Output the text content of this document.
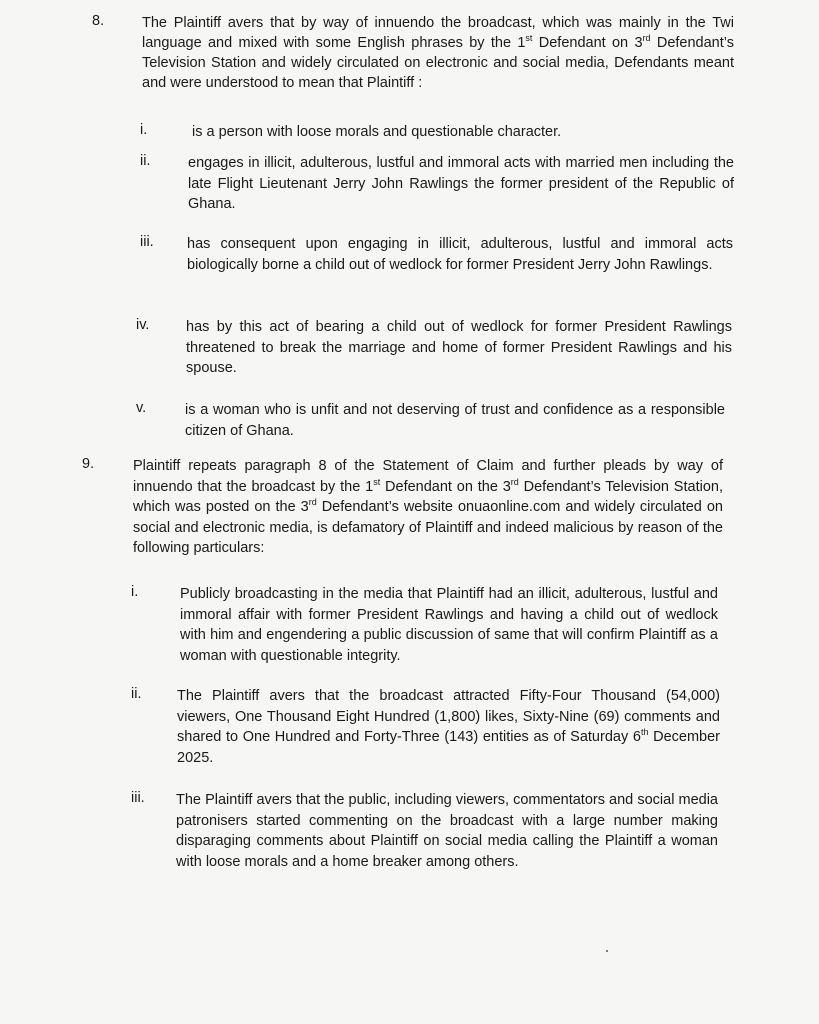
8.	The Plaintiff avers that by way of innuendo the broadcast, which was mainly in the Twi language and mixed with some English phrases by the 1st Defendant on 3rd Defendant’s Television Station and widely circulated on electronic and social media, Defendants meant and were understood to mean that Plaintiff :
i.	is a person with loose morals and questionable character.
ii.	engages in illicit, adulterous, lustful and immoral acts with married men including the late Flight Lieutenant Jerry John Rawlings the former president of the Republic of Ghana.
iii. has consequent upon engaging in illicit, adulterous, lustful and immoral acts biologically borne a child out of wedlock for former President Jerry John Rawlings.
iv.	has by this act of bearing a child out of wedlock for former President Rawlings threatened to break the marriage and home of former President Rawlings and his spouse.
v.	is a woman who is unfit and not deserving of trust and confidence as a responsible citizen of Ghana.
9.	Plaintiff repeats paragraph 8 of the Statement of Claim and further pleads by way of innuendo that the broadcast by the 1st Defendant on the 3rd Defendant’s Television Station, which was posted on the 3rd Defendant’s website onuaonline.com and widely circulated on social and electronic media, is defamatory of Plaintiff and indeed malicious by reason of the following particulars:
i.	Publicly broadcasting in the media that Plaintiff had an illicit, adulterous, lustful and immoral affair with former President Rawlings and having a child out of wedlock with him and engendering a public discussion of same that will confirm Plaintiff as a woman with questionable integrity.
ii. The Plaintiff avers that the broadcast attracted Fifty-Four Thousand (54,000) viewers, One Thousand Eight Hundred (1,800) likes, Sixty-Nine (69) comments and shared to One Hundred and Forty-Three (143) entities as of Saturday 6th December 2025.
iii. The Plaintiff avers that the public, including viewers, commentators and social media patronisers started commenting on the broadcast with a large number making disparaging comments about Plaintiff on social media calling the Plaintiff a woman with loose morals and a home breaker among others.
